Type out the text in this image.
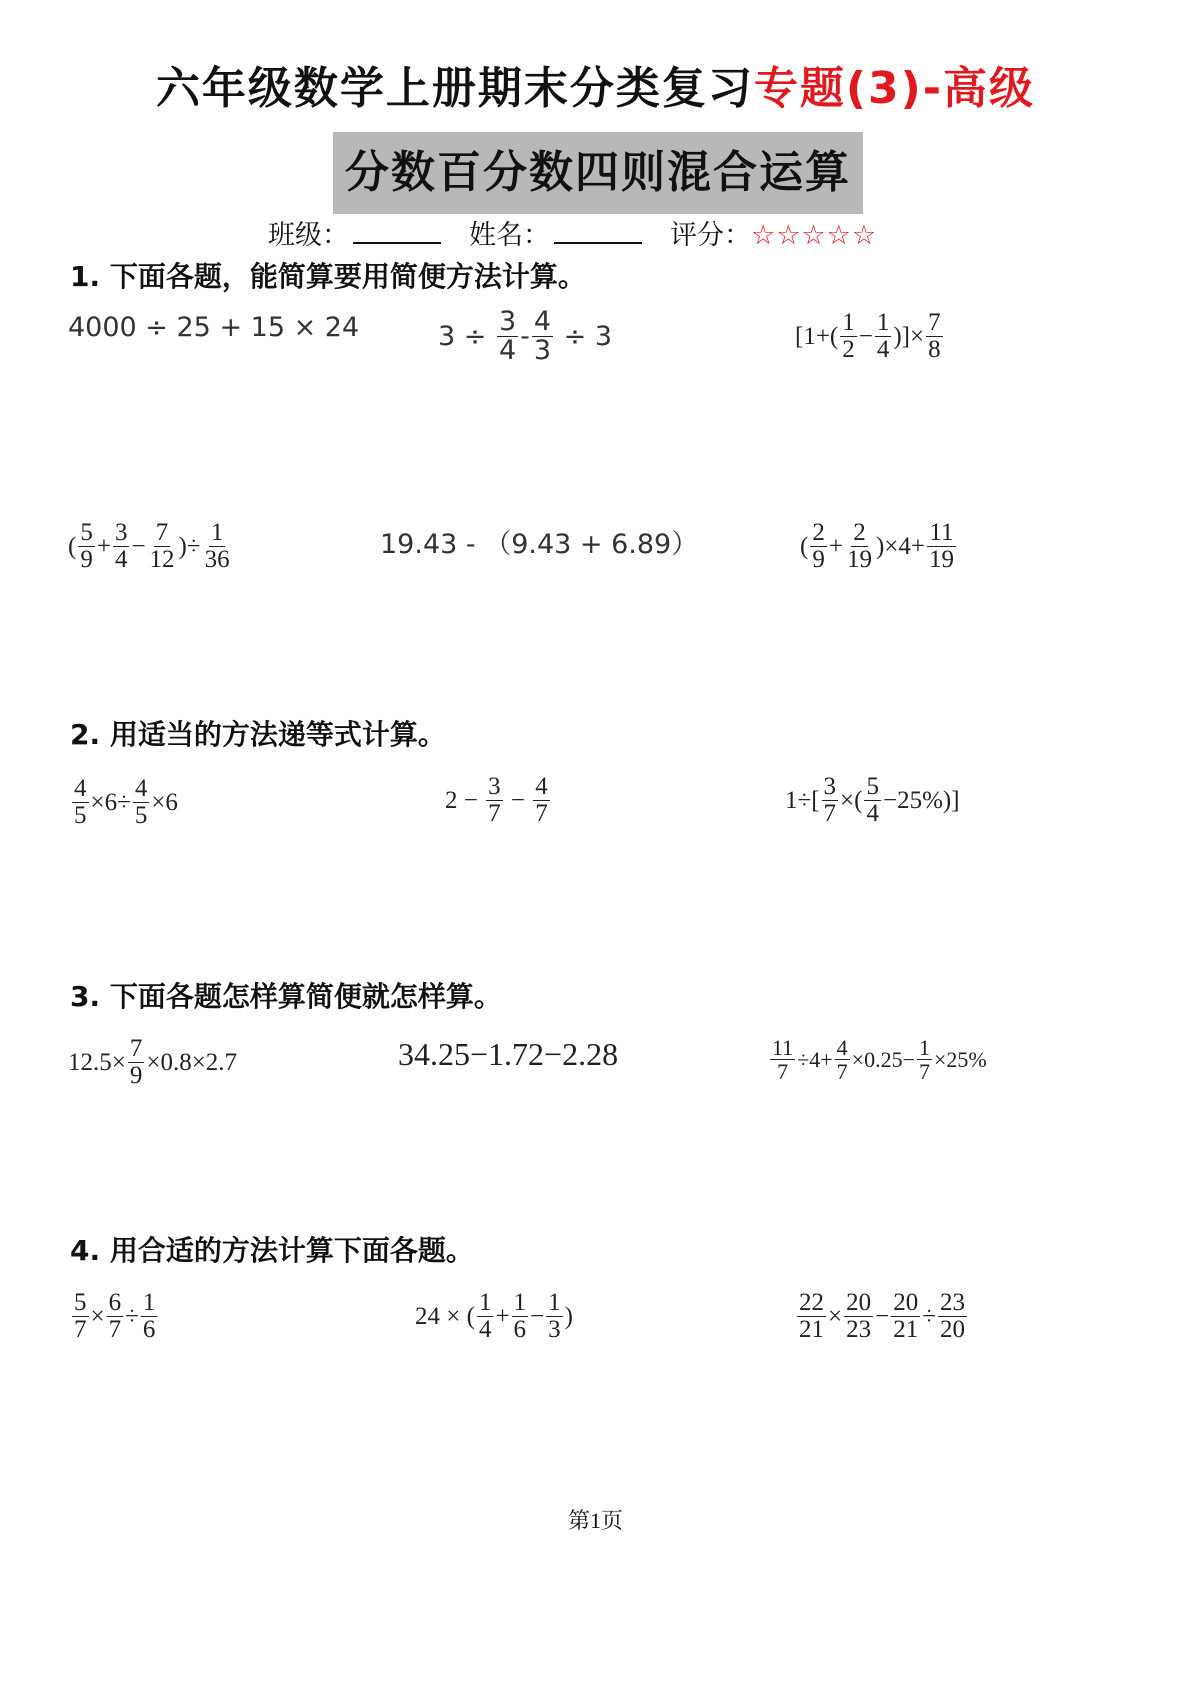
六年级数学上册期末分类复习专题(3)-高级
分数百分数四则混合运算
班级：	姓名：	评分：☆☆☆☆☆
1. 下面各题，能简算要用简便方法计算。
4000 ÷ 25 + 15 × 24	$3 \div \frac{3}{4} - \frac{4}{3} \div 3$	[$1+( \frac{1}{2} - \frac{1}{4}$ )]× $\frac{7}{8}$
( $\frac{5}{9} + \frac{3}{4} - \frac{7}{12}$ )÷ $\frac{1}{36}$	19.43 - （9.43 + 6.89）	( $\frac{2}{9} + \frac{2}{19} )\times 4+ \frac{11}{19}$
2. 用适当的方法递等式计算。
$\frac{4}{5} \times 6\div \frac{4}{5} \times 6$	$2 - \frac{3}{7} - \frac{4}{7}$	$1\div[ \frac{3}{7}$ ×( $\frac{5}{4} -25\%$)]
3. 下面各题怎样算简便就怎样算。
$12.5\times \frac{7}{9} \times 0.8\times 2.7$	34.25−1.72−2.28	$\frac{11}{7} \div 4+ \frac{4}{7} \times 0.25- \frac{1}{7} \times 25\%$
4. 用合适的方法计算下面各题。
$\frac{5}{7} \times \frac{6}{7} \div \frac{1}{6}$	24 × ( $\frac{1}{4} + \frac{1}{6} - \frac{1}{3}$ )	$\frac{22}{21} \times \frac{20}{23} - \frac{20}{21} \div \frac{23}{20}$
第1页
